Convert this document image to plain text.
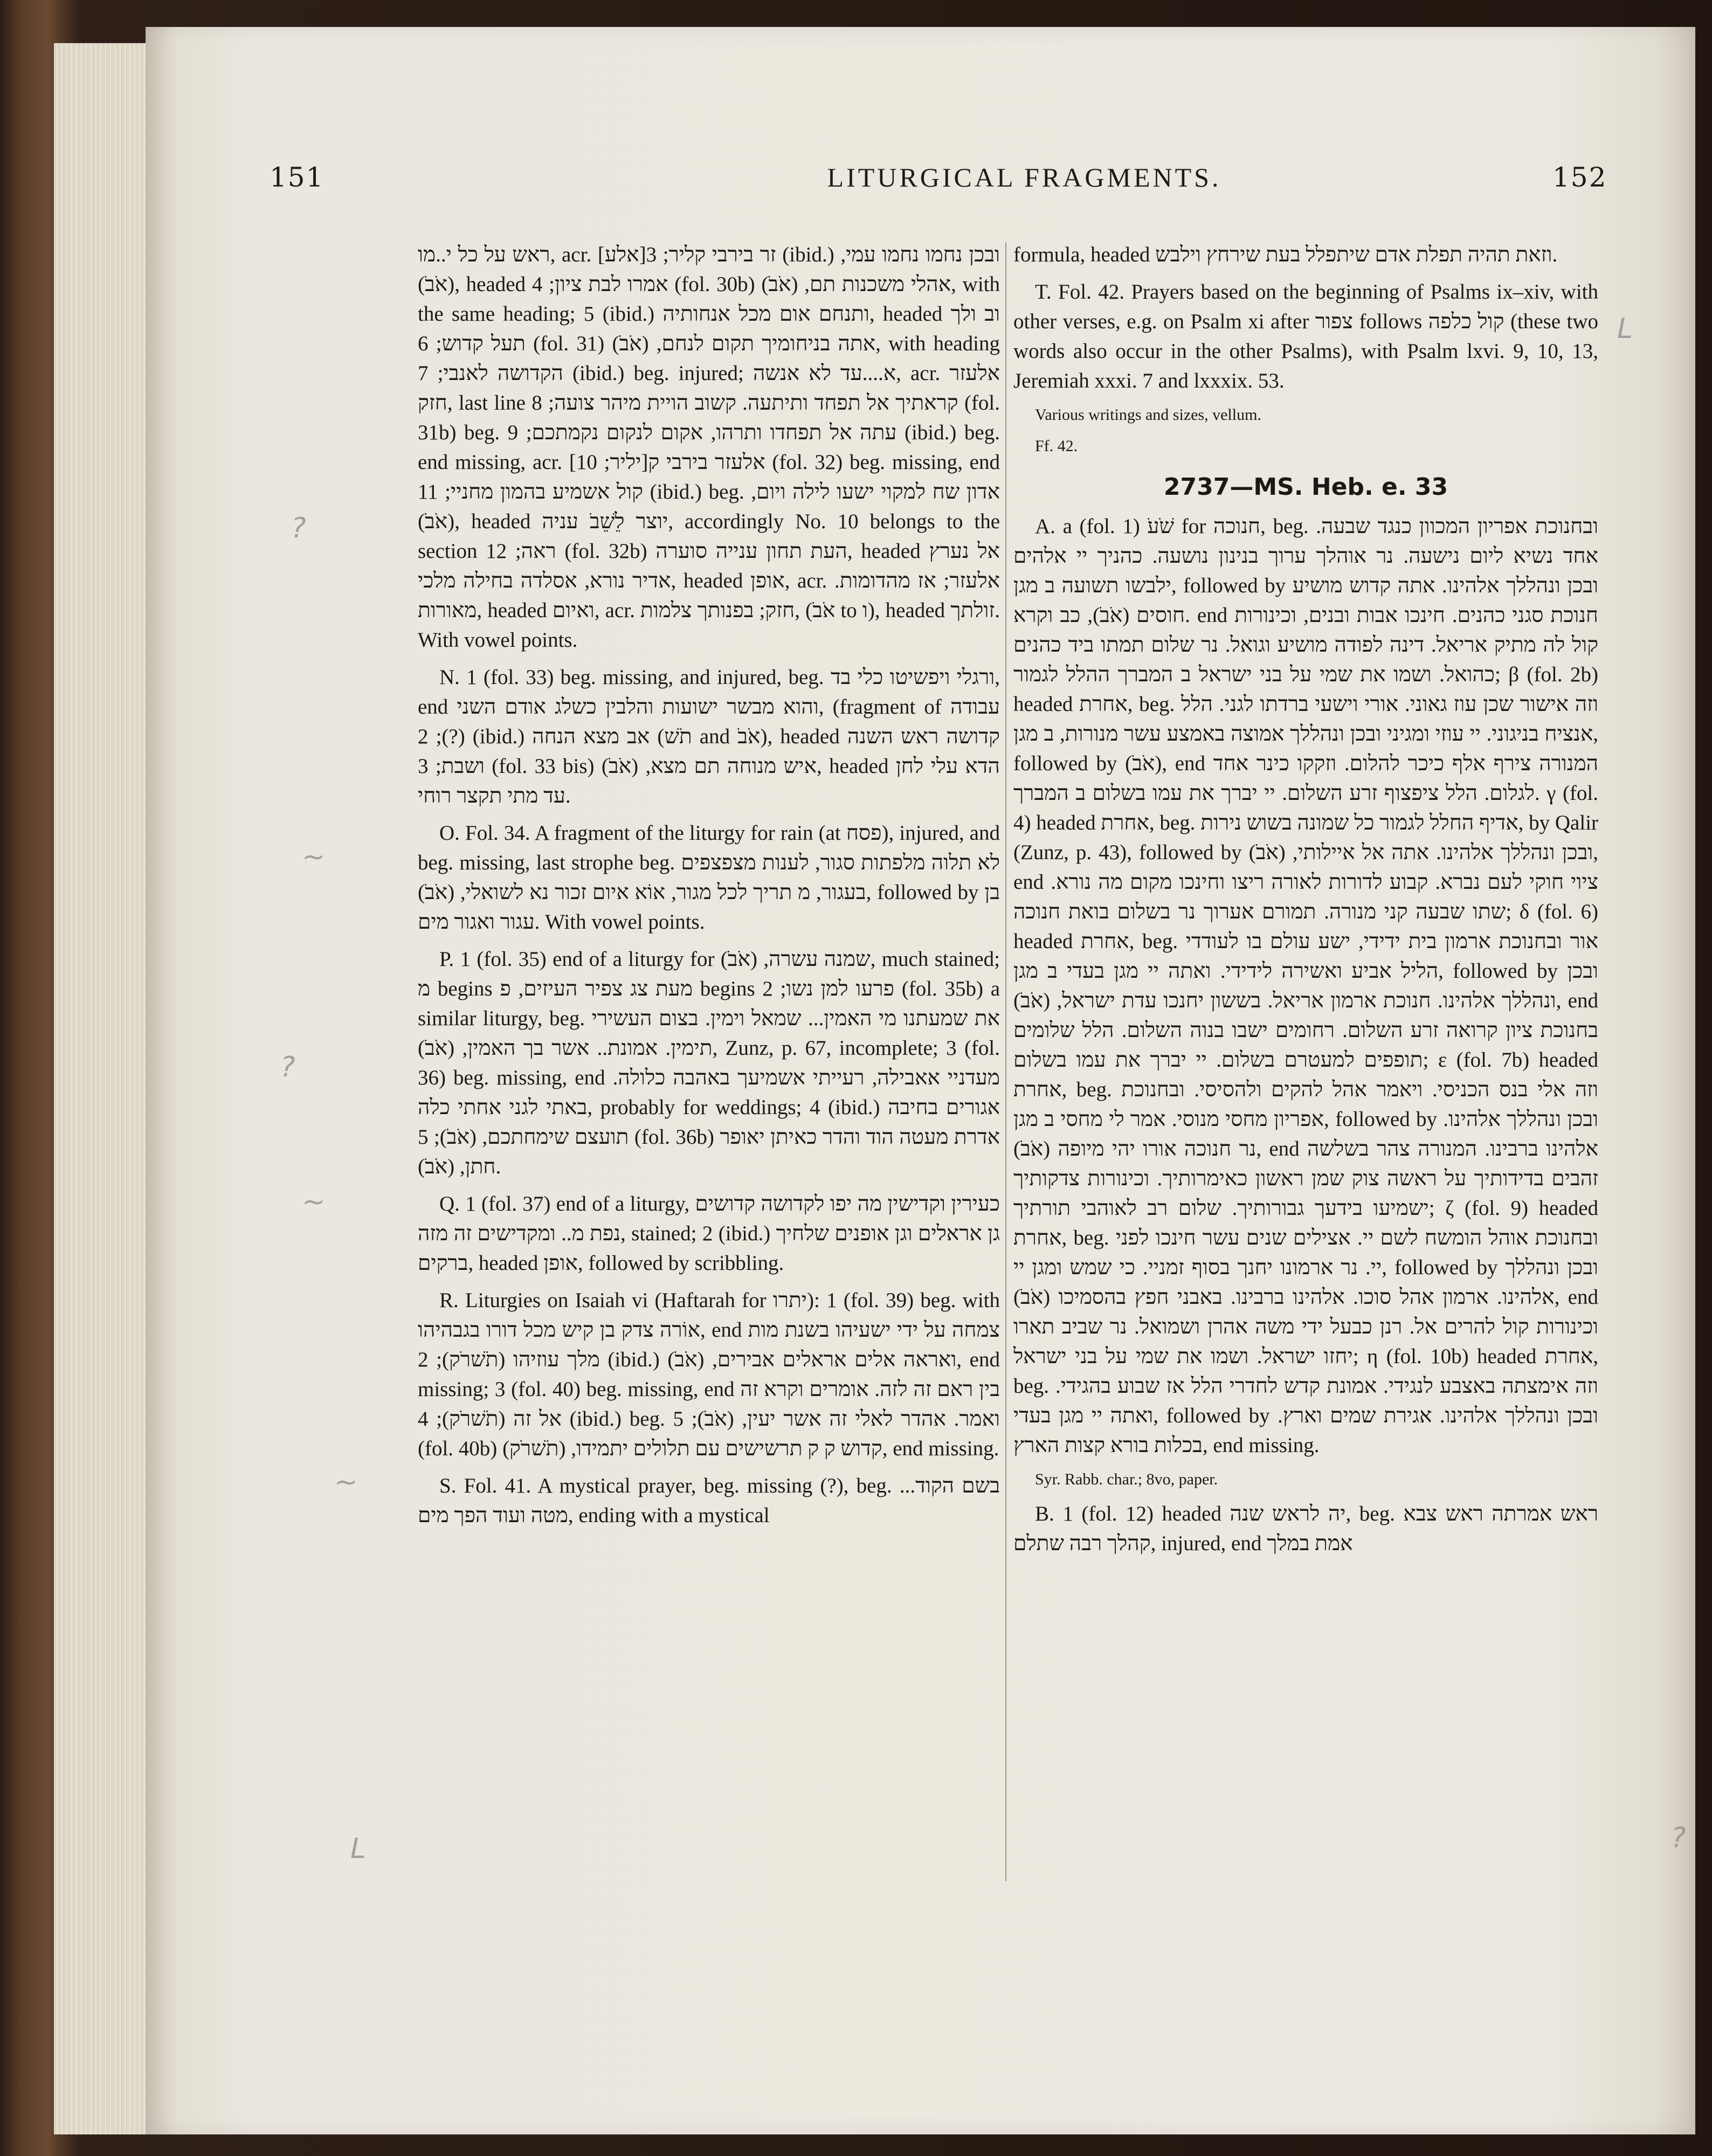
151	LITURGICAL FRAGMENTS.	152

ראש על כל י..מו, acr. [אלע]זר בירבי קליר; 3 (ibid.) ובכן נחמו נחמו עמי, (אֹבֹ), headed אמרו לבת ציון; 4 (fol. 30b) אהלי משכנות תם, (אֹבֹ), with the same heading; 5 (ibid.) ותנחם אום מכל אנחותיה, headed וב ולך תעל קדוש; 6 (fol. 31) אתה בניחומיך תקום לנחם, (אֹבֹ), with heading הקדושה לאנבי; 7 (ibid.) beg. injured; א....עד לא אנשה, acr. אלעזר חזק, last line קראתיך אל תפחד ותיתעה. קשוב הויית מיהר צועה; 8 (fol. 31b) beg. עתה אל תפחדו ותרהו, אקום לנקום נקמתכם; 9 (ibid.) beg. end missing, acr. [אלעזר בירבי ק[יליר; 10 (fol. 32) beg. missing, end קול אשמיע בהמון מחניי; 11 (ibid.) beg. אדון שח למקוי ישעו לילה ויום, (אֹבֹ), headed יוצר לֵשֵׁבֹ עניה, accordingly No. 10 belongs to the section ראה; 12 (fol. 32b) העת תחון ענייה סוערה, headed אל נערץ אדיר נורא, אסלדה בחילה מלכי, headed אופן, acr. אלעזר; אז מהדומות. מאורות, headed ואיום, acr. חזק; בפנותך צלמות, (אֹבֹ to ו), headed זולתך. With vowel points.

N. 1 (fol. 33) beg. missing, and injured, beg. ורגלי ויפשיטו כלי בד, end והוא מבשר ישועות והלבין כשלג אודם השני, (fragment of עבודה (?); 2 (ibid.) אב מצא הנחה (תֹשׁ and אֹבֹ), headed קדושה ראש השנה ושבת; 3 (fol. 33 bis) איש מנוחה תם מצא, (אֹבֹ), headed הדא עלי לחן עד מתי תקצר רוחי.

O. Fol. 34. A fragment of the liturgy for rain (at פסח), injured, and beg. missing, last strophe beg. לא תלוה מלפתות סגור, לענות מצפצפים בעגור, מ תריך לכל מגור, אוֹא איום זכור נא לשואלי, (אֹבֹ), followed by בן עגור ואגור מים. With vowel points.

P. 1 (fol. 35) end of a liturgy for שמנה עשרה, (אֹבֹ), much stained; מ begins מעת צג צפיר העיזים, פ begins פרעו למן נשו; 2 (fol. 35b) a similar liturgy, beg. את שמעתנו מי האמין... שמאל וימין. בצום העשירי תימין. אמונת.. אשר בך האמין, (אֹבֹ), Zunz, p. 67, incomplete; 3 (fol. 36) beg. missing, end מעדניי אאבילה, רעייתי אשמיעך באהבה כלולה. באתי לגני אחתי כלה, probably for weddings; 4 (ibid.) אגורים בחיבה תועצם שימחתכם, (אֹבֹ); 5 (fol. 36b) אדרת מעטה הוד והדר כאיתן יאופר חתן, (אֹבֹ).

Q. 1 (fol. 37) end of a liturgy, כעירין וקדישין מה יפו לקדושה קדושים נפת מ.. ומקדישים זה מזה, stained; 2 (ibid.) גן אראלים וגן אופנים שלחיך ברקים, headed אופן, followed by scribbling.

R. Liturgies on Isaiah vi (Haftarah for יתרו): 1 (fol. 39) beg. with אוֹרה צדק בן קיש מכל דורו בגבהיהו, end צמחה על ידי ישעיהו בשנת מות מלך עוזיהו (תֹשׁרֹק); 2 (ibid.) ואראה אלים אראלים אבירים, (אֹבֹ), end missing; 3 (fol. 40) beg. missing, end בין ראם זה לזה. אומרים וקרא זה אל זה (תֹשׁרֹק); 4 (ibid.) beg. ואמר. אהדר לאלי זה אשר יעין, (אֹבֹ); 5 (fol. 40b) קדוש ק ק תרשישים עם תלולים יתמידו, (תֹשׁרֹק), end missing.

S. Fol. 41. A mystical prayer, beg. missing (?), beg. בשם הקוד... מטה ועוד הפך מים, ending with a mystical

formula, headed וזאת תהיה תפלת אדם שיתפלל בעת שירחץ וילבש.

T. Fol. 42. Prayers based on the beginning of Psalms ix–xiv, with other verses, e.g. on Psalm xi after צפור follows קול כלפה (these two words also occur in the other Psalms), with Psalm lxvi. 9, 10, 13, Jeremiah xxxi. 7 and lxxxix. 53.

Various writings and sizes, vellum.

Ff. 42.

2737—MS. Heb. e. 33

A. a (fol. 1) שֹׁעֹ for חנוכה, beg. ובחנוכת אפריון המכוון כנגד שבעה. אחד נשיא ליום נישעה. נר אוהלך ערוך בנינון נושעה. כהניך יי אלהים ילבשו תשועה ב מגן, followed by ובכן ונהללך אלהינו. אתה קדוש מושיע חוסים (אֹבֹ), כב וקרא. end חנוכת סגני כהנים. חינכו אבות ובנים, וכינורות קול לה מתיק אריאל. דינה לפודה מושיע וגואל. נר שלום תמתו ביד כהנים כהואל. ושמו את שמי על בני ישראל ב המברך ההלל לגמור; β (fol. 2b) headed אחרת, beg. וזה אישור שכן עוז גאוני. אורי וישעי ברדתו לגני. הלל אנציח בניגוני. יי עוזי ומגיני ובכן ונהללך אמוצה באמצע עשר מנורות, ב מגן, followed by (אֹבֹ), end המנורה צירף אלף כיכר להלום. וזקקו כינר אחד לגלום. הלל ציפצוף זרע השלום. יי יברך את עמו בשלום ב המברך. γ (fol. 4) headed אחרת, beg. אדיף החלל לגמור כל שמונה בשוש נירות, by Qalir (Zunz, p. 43), followed by ובכן ונהללך אלהינו. אתה אל איילותי, (אֹבֹ), end ציוי חוקי לעם נברא. קבוע לדורות לאורה ריצו וחינכו מקום מה נורא. שתו שבעה קני מנורה. תמורם אערוך נר בשלום בואת חנוכה; δ (fol. 6) headed אחרת, beg. אור ובחנוכת ארמון בית ידידי, ישע עולם בו לעודדי הליל אביע ואשירה לידידי. ואתה יי מגן בעדי ב מגן, followed by ובכן ונהללך אלהינו. חנוכת ארמון אריאל. בששון יחנכו עדת ישראל, (אֹבֹ), end בחנוכת ציון קרואה זרע השלום. רחומים ישבו בנוה השלום. הלל שלומים תופפים למעטרם בשלום. יי יברך את עמו בשלום; ε (fol. 7b) headed אחרת, beg. וזה אלי בנס הכניסי. ויאמר אהל להקים ולהסיסי. ובחנוכת אפריון מחסי מנוסי. אמר לי מחסי ב מגן, followed by ובכן ונהללך אלהינו. נר חנוכה אורו יהי מיופה (אֹבֹ), end אלהינו ברבינו. המנורה צהר בשלשה זהבים בדידותיך על ראשה צוק שמן ראשון כאימרותיך. וכינורות צדקותיך ישמיעו בידעך גבורותיך. שלום רב לאוהבי תורתיך; ζ (fol. 9) headed אחרת, beg. ובחנוכת אוהל הומשח לשם יי. אצילים שנים עשר חינכו לפני יי. נר ארמונו יחנך בסוף זמניי. כי שמש ומגן יי, followed by ובכן ונהללך אלהינו. ארמון אהל סוכו. אלהינו ברבינו. באבני חפץ בהסמיכו (אֹבֹ), end וכינורות קול להרים אל. רנן כבעל ידי משה אהרן ושמואל. נר שביב תארו יחזו ישראל. ושמו את שמי על בני ישראל; η (fol. 10b) headed אחרת, beg. וזה אימצתה באצבע לנגידי. אמונת קדש לחדרי הלל אז שבוע בהגידי. ואתה יי מגן בעדי, followed by ובכן ונהללך אלהינו. אגירת שמים וארץ. בכלות בורא קצות הארץ, end missing.

Syr. Rabb. char.; 8vo, paper.

B. 1 (fol. 12) headed יה לראש שנה, beg. ראש אמרתה ראש צבא קהלך רבה שתלם, injured, end אמת במלך

?
~
?
~
~
L
L
?
